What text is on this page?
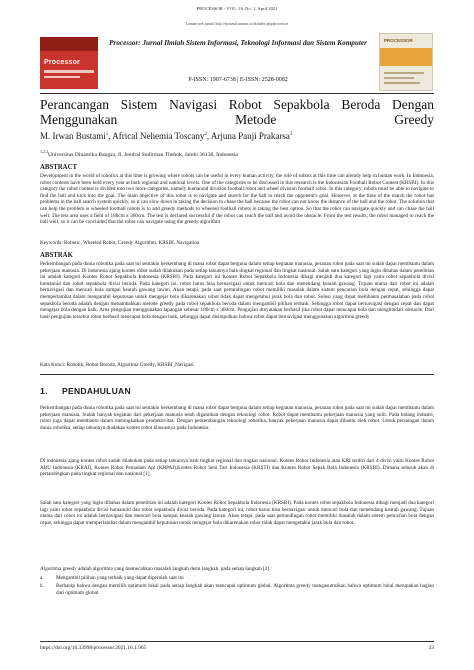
PROCESSOR - VOL. 16, No. 1, April 2021
Laman web jurnal: http://ejournal.unama.ac.id/index.php/processor
Processor
Processor: Jurnal Ilmiah Sistem Informasi, Teknologi Informasi dan Sistem Komputer
P-ISSN: 1907-6738 | E-ISSN: 2528-0082
PROCESSOR
Perancangan Sistem Navigasi Robot Sepakbola Beroda Dengan Menggunakan Metode Greedy
M. Irwan Bustami$^1$, Africal Nehemia Toscany$^2$, Arjuna Panji Prakarsa$^3$
$^{1,2,3}$Universitas Dinamika Bangsa, Jl. Jendral Sudirman Thehok, Jambi 36138, Indonesia
ABSTRACT
Development in the world of robotics at this time is growing where robots can be useful in every human activity, the role of robots at this time can already help in human work. In Indonesia, robot contests have been held every year at both regional and national levels. One of the categories to be discussed in this research is the Indonesian Football Robot Contest (KRSBI). In this category the robot contest is divided into two more categories, namely humanoid division football robot and wheel division football robot. In this category, robots must be able to navigate to find the ball and kick into the goal. The main objective of this robot is to navigate and search for the ball to reach the opponent's goal. However, at the time of the match the robot has problems in the ball search system quickly, so it can slow down in taking the decision to chase the ball because the robot can not know the distance of the ball and the robot. The solution that can help the problem is wheeled football robots is to add greedy methods to wheeled football robots in taking the best option. So that the robot can navigate quickly and can chase the ball well. The test area uses a field of 180cm x 360cm. The test is declared successful if the robot can reach the ball and avoid the obstacle. From the test results, the robot managed to reach the ball well, so it can be concluded that the robot can navigate using the greedy algorithm
Keywords: Robotic, Wheeled Robot, Greedy Algorithm, KRSBI, Navigation
ABSTRAK
Perkembangan pada dunia robotika pada saat ini semakin berkembang di mana robot dapat berguna dalam setiap kegiatan manusia, peranan robot pada saat ini sudah dapat membantu dalam pekerjaan manusia. Di indonesia ajang kontes robot sudah dilakukan pada setiap tahunnya baik tingkat regional dan tingkat nasional. Salah satu kategori yang ingin dibahas dalam penelitian ini adalah kategori Kontes Robot Sepakbola Indonesia (KRSBI). Pada kategori ini Kontes Robot Sepakbola Indonesia dibagi menjadi dua kategori lagi yaitu robot sepakbola divisi humanoid dan robot sepakbola divisi beroda. Pada kategori ini, robot harus bisa bernavigasi untuk mencari bola dan menendang kearah gawang. Tujuan utama dari robot ini adalah bernavigasi dan mencari bola sampai kearah gawang lawan. Akan tetapi, pada saat pertandingan robot memiliki masalah dalam sistem pencarian bola dengan cepat, sehingga dapat memperlambat dalam mengambil keputusan untuk mengejar bola dikarenakan robot tidak dapat mengetahui jarak bola dan robot. Solusi yang dapat membantu permasalahan pada robot sepakbola beroda adalah dengan menambahkan metode greedy pada robot sepakbola beroda dalam mengambil pilihan terbaik. Sehingga robot dapat bernavigasi dengan cepat dan dapat mengejar bola dengan baik. Area pengujian menggunakan lapangan sebesar 180cm x 360cm. Pengujian dinyatakan berhasil jika robot dapat mencapai bola dan menghindari obstacle. Dari hasil pengujian tersebut robot berhasil mencapai bola dengan baik, sehingga dapat disimpulkan bahwa robot dapat bernavigasi menggunakan algoritma greedy
Kata Kunci: Robotik, Robot Beroda, Algoritma Greedy, KRSBI ,Navigasi.
1. PENDAHULUAN
Perkembangan pada dunia robotika pada saat ini semakin berkembang di mana robot dapat berguna dalam setiap kegiatan manusia, peranan robot pada saat ini sudah dapat membantu dalam pekerjaan manusia. Sudah banyak kegiatan dari pekerjaan manusia telah digantikan dengan teknologi robot. Robot dapat membantu pekerjaan manusia yang sulit. Pada bidang industri, robot juga dapat membantu dalam meningkatkan produktivitas. Dengan perkembangan teknologi robotika, banyak pekerjaan manusia dapat dibantu oleh robot. Untuk persaingan dalam dunia robotika, setiap tahunnya diadakan kontes robot khususnya pada Indonesia.
Di indonesia ajang kontes robot sudah dilakukan pada setiap tahunnya baik tingkat regional dan tingkat nasional. Kontes Robot Indonesia atau KRI terdiri dari 4 divisi yaitu Kontes Robot ABU Indonesia (KRAI), Kontes Robot Pemadam Api (KRPAI),Kontes Robot Seni Tari Indonesia (KRSTI) dan Kontes Robot Sepak Bola Indonesia (KRSBI). Dimana seluruh akan di pertandingkan pada tingkat regional dan nasional [1].
Salah satu kategori yang ingin dibahas dalam penelitian ini adalah kategori Kontes Robot Sepakbola Indonesia (KRSBI). Pada kontes robot sepakbola Indonesia dibagi menjadi dua kategori lagi yaitu robot sepakbola divisi humanoid dan robot sepakbola divisi beroda. Pada kategori ini, robot harus bisa bernavigasi untuk mencari bola dan menendang kearah gawang. Tujuan utama dari robot ini adalah bernavigasi dan mencari bola sampai kearah gawang lawan. Akan tetapi, pada saat pertandingan robot memiliki masalah dalam sistem pencarian bola dengan cepat, sehingga dapat memperlambat dalam mengambil keputusan untuk mengejar bola dikarenakan robot tidak dapat mengetahui jarak bola dan robot.
Algoritma greedy adalah algoritma yang memecahkan masalah langkah demi langkah, pada setiap langkah [2] :
a. Mengambil pilihan yang terbaik yang dapat diperoleh saat itu
b. Berharap bahwa dengan memilih optimum lokal pada setiap langkah akan mencapai optimum global. Algoritma greedy mengasumsikan bahwa optimum lokal merupakan bagian dari optimum global
https://doi.org/10.33998/processor.2021.16.1.965	33
